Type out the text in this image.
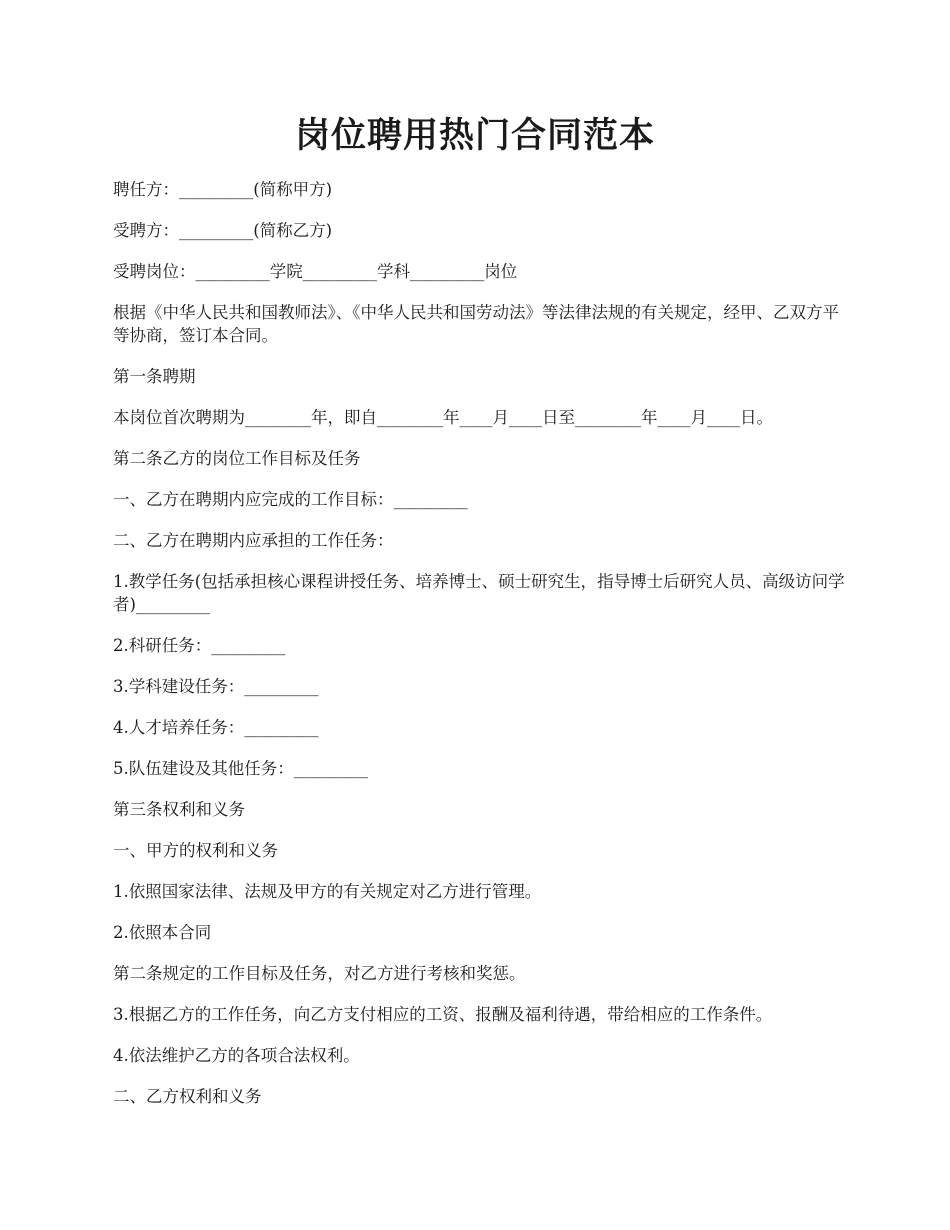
岗位聘用热门合同范本

聘任方：_________(简称甲方)

受聘方：_________(简称乙方)

受聘岗位：_________学院_________学科_________岗位

根据《中华人民共和国教师法》、《中华人民共和国劳动法》等法律法规的有关规定，经甲、乙双方平等协商，签订本合同。

第一条聘期

本岗位首次聘期为________年，即自________年____月____日至________年____月____日。

第二条乙方的岗位工作目标及任务

一、乙方在聘期内应完成的工作目标：_________

二、乙方在聘期内应承担的工作任务：

1.教学任务(包括承担核心课程讲授任务、培养博士、硕士研究生，指导博士后研究人员、高级访问学者)_________

2.科研任务：_________

3.学科建设任务：_________

4.人才培养任务：_________

5.队伍建设及其他任务：_________

第三条权利和义务

一、甲方的权利和义务

1.依照国家法律、法规及甲方的有关规定对乙方进行管理。

2.依照本合同

第二条规定的工作目标及任务，对乙方进行考核和奖惩。

3.根据乙方的工作任务，向乙方支付相应的工资、报酬及福利待遇，带给相应的工作条件。

4.依法维护乙方的各项合法权利。

二、乙方权利和义务
